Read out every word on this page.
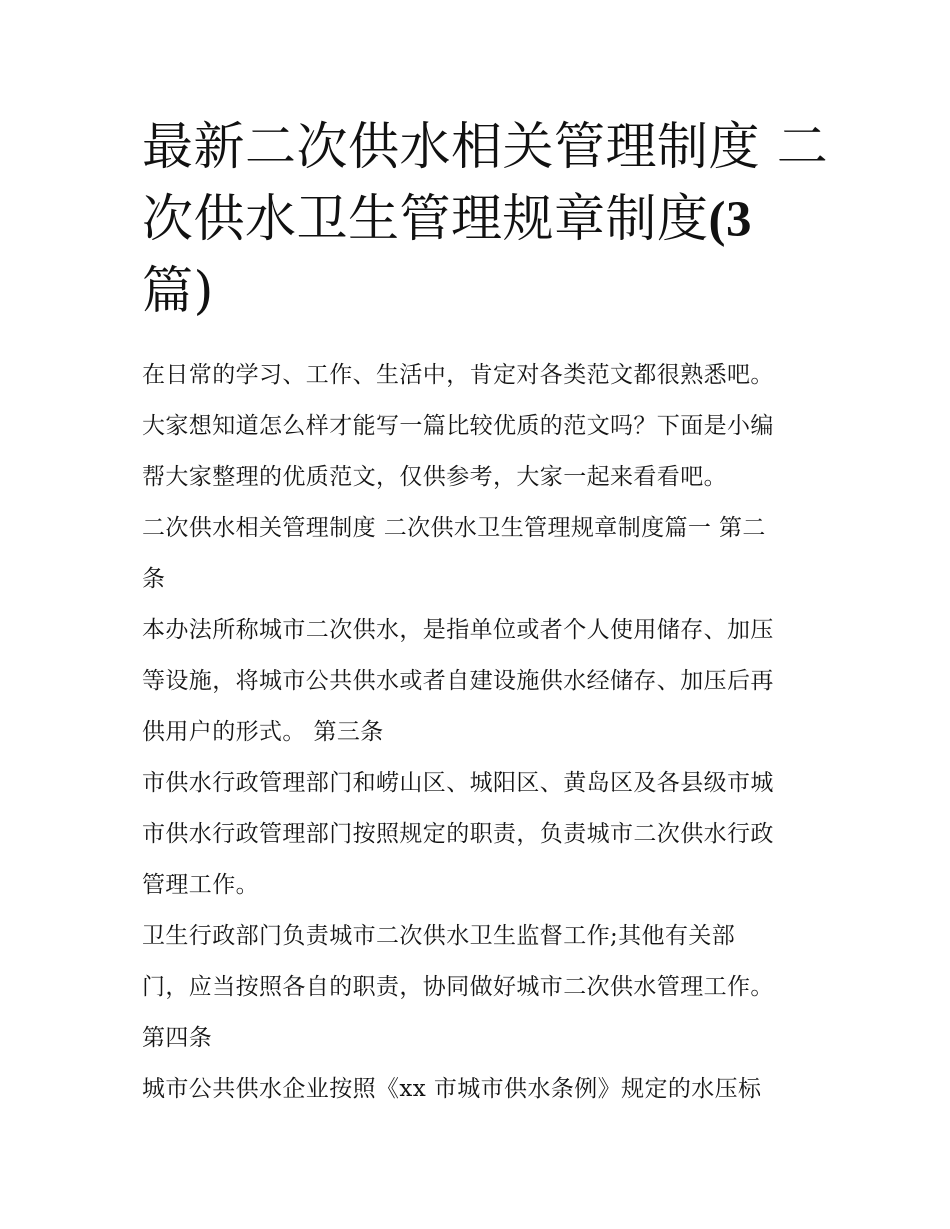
最新二次供水相关管理制度 二
次供水卫生管理规章制度(3
篇)
在日常的学习、工作、生活中，肯定对各类范文都很熟悉吧。
大家想知道怎么样才能写一篇比较优质的范文吗？下面是小编
帮大家整理的优质范文，仅供参考，大家一起来看看吧。
二次供水相关管理制度 二次供水卫生管理规章制度篇一 第二
条
本办法所称城市二次供水，是指单位或者个人使用储存、加压
等设施，将城市公共供水或者自建设施供水经储存、加压后再
供用户的形式。 第三条
市供水行政管理部门和崂山区、城阳区、黄岛区及各县级市城
市供水行政管理部门按照规定的职责，负责城市二次供水行政
管理工作。
卫生行政部门负责城市二次供水卫生监督工作;其他有关部
门，应当按照各自的职责，协同做好城市二次供水管理工作。
第四条
城市公共供水企业按照《xx 市城市供水条例》规定的水压标
